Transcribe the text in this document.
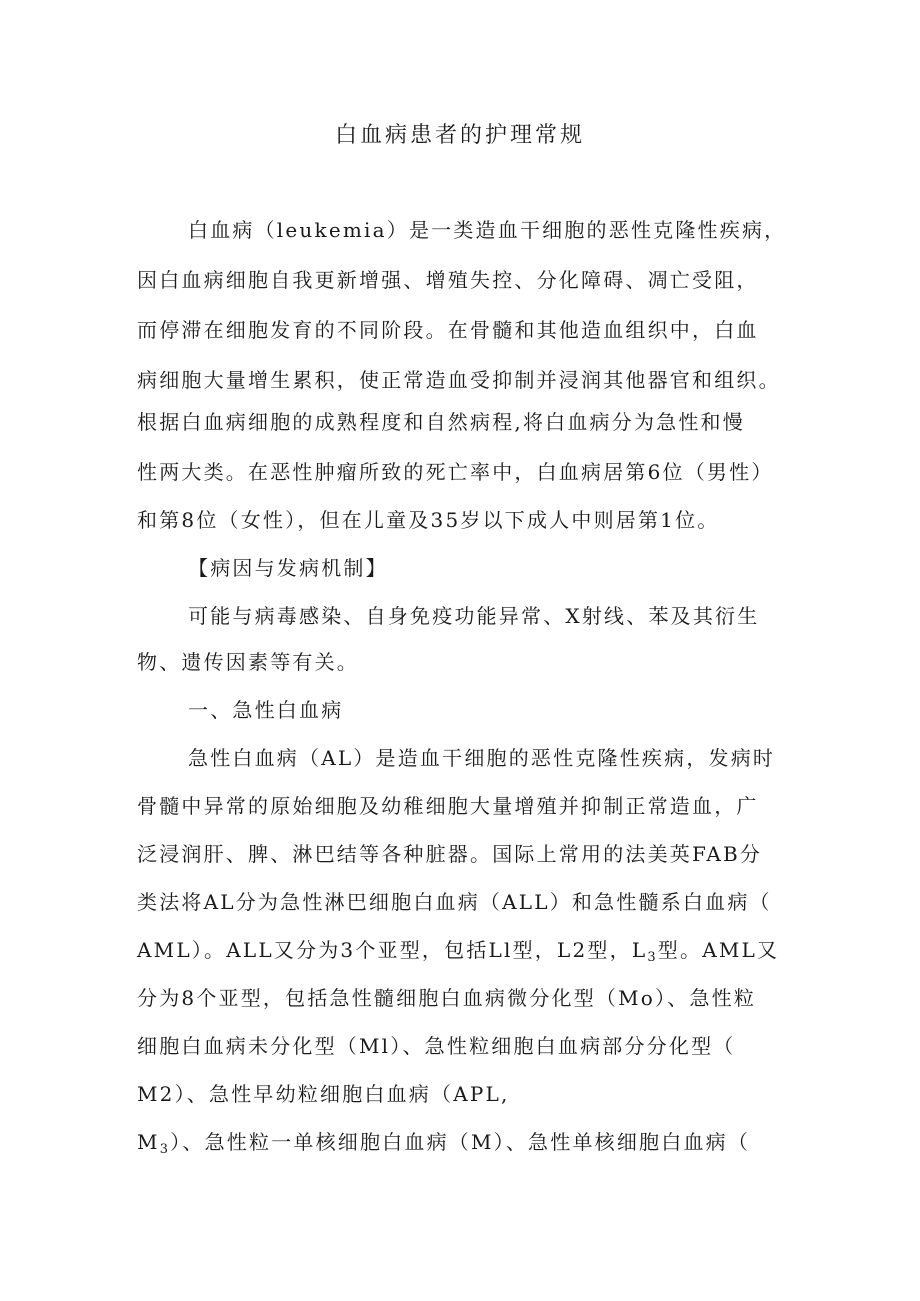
白血病患者的护理常规
白血病（leukemia）是一类造血干细胞的恶性克隆性疾病，
因白血病细胞自我更新增强、增殖失控、分化障碍、凋亡受阻，
而停滞在细胞发育的不同阶段。在骨髓和其他造血组织中，白血
病细胞大量增生累积，使正常造血受抑制并浸润其他器官和组织。
根据白血病细胞的成熟程度和自然病程,将白血病分为急性和慢
性两大类。在恶性肿瘤所致的死亡率中，白血病居第6位（男性）
和第8位（女性），但在儿童及35岁以下成人中则居第1位。
【病因与发病机制】
可能与病毒感染、自身免疫功能异常、X射线、苯及其衍生
物、遗传因素等有关。
一、急性白血病
急性白血病（AL）是造血干细胞的恶性克隆性疾病，发病时
骨髓中异常的原始细胞及幼稚细胞大量增殖并抑制正常造血，广
泛浸润肝、脾、淋巴结等各种脏器。国际上常用的法美英FAB分
类法将AL分为急性淋巴细胞白血病（ALL）和急性髓系白血病（
AML）。ALL又分为3个亚型，包括Ll型，L2型，$L_3$型。AML又
分为8个亚型，包括急性髓细胞白血病微分化型（Mo）、急性粒
细胞白血病未分化型（Ml）、急性粒细胞白血病部分分化型（
M2）、急性早幼粒细胞白血病（APL,
$M_3$）、急性粒一单核细胞白血病（M）、急性单核细胞白血病（
